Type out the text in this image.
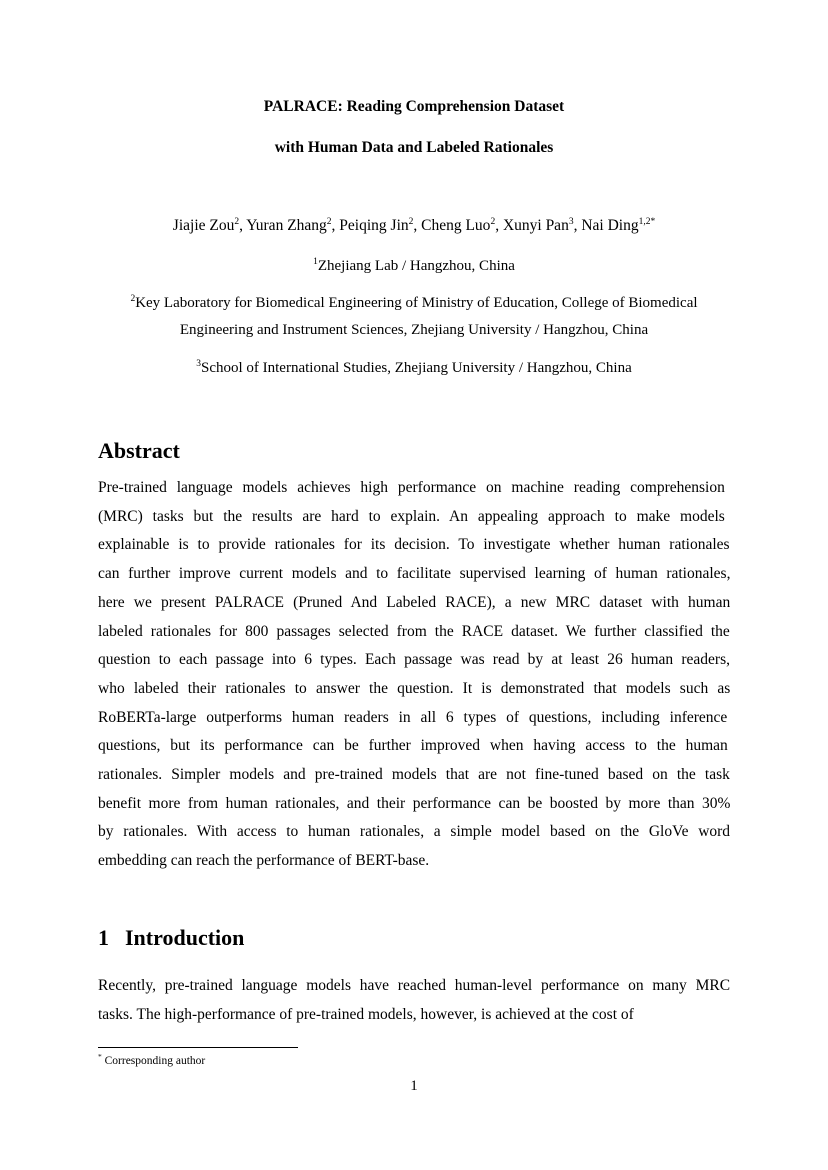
PALRACE: Reading Comprehension Dataset
with Human Data and Labeled Rationales
Jiajie Zou$^2$, Yuran Zhang$^2$, Peiqing Jin$^2$, Cheng Luo$^2$, Xunyi Pan$^3$, Nai Ding$^{1,2*}$
$^1$Zhejiang Lab / Hangzhou, China
$^2$Key Laboratory for Biomedical Engineering of Ministry of Education, College of Biomedical
Engineering and Instrument Sciences, Zhejiang University / Hangzhou, China
$^3$School of International Studies, Zhejiang University / Hangzhou, China
Abstract
Pre-trained language models achieves high performance on machine reading comprehension
(MRC) tasks but the results are hard to explain. An appealing approach to make models
explainable is to provide rationales for its decision. To investigate whether human rationales
can further improve current models and to facilitate supervised learning of human rationales,
here we present PALRACE (Pruned And Labeled RACE), a new MRC dataset with human
labeled rationales for 800 passages selected from the RACE dataset. We further classified the
question to each passage into 6 types. Each passage was read by at least 26 human readers,
who labeled their rationales to answer the question. It is demonstrated that models such as
RoBERTa-large outperforms human readers in all 6 types of questions, including inference
questions, but its performance can be further improved when having access to the human
rationales. Simpler models and pre-trained models that are not fine-tuned based on the task
benefit more from human rationales, and their performance can be boosted by more than 30%
by rationales. With access to human rationales, a simple model based on the GloVe word
embedding can reach the performance of BERT-base.
1 Introduction
Recently, pre-trained language models have reached human-level performance on many MRC
tasks. The high-performance of pre-trained models, however, is achieved at the cost of
* Corresponding author
1
